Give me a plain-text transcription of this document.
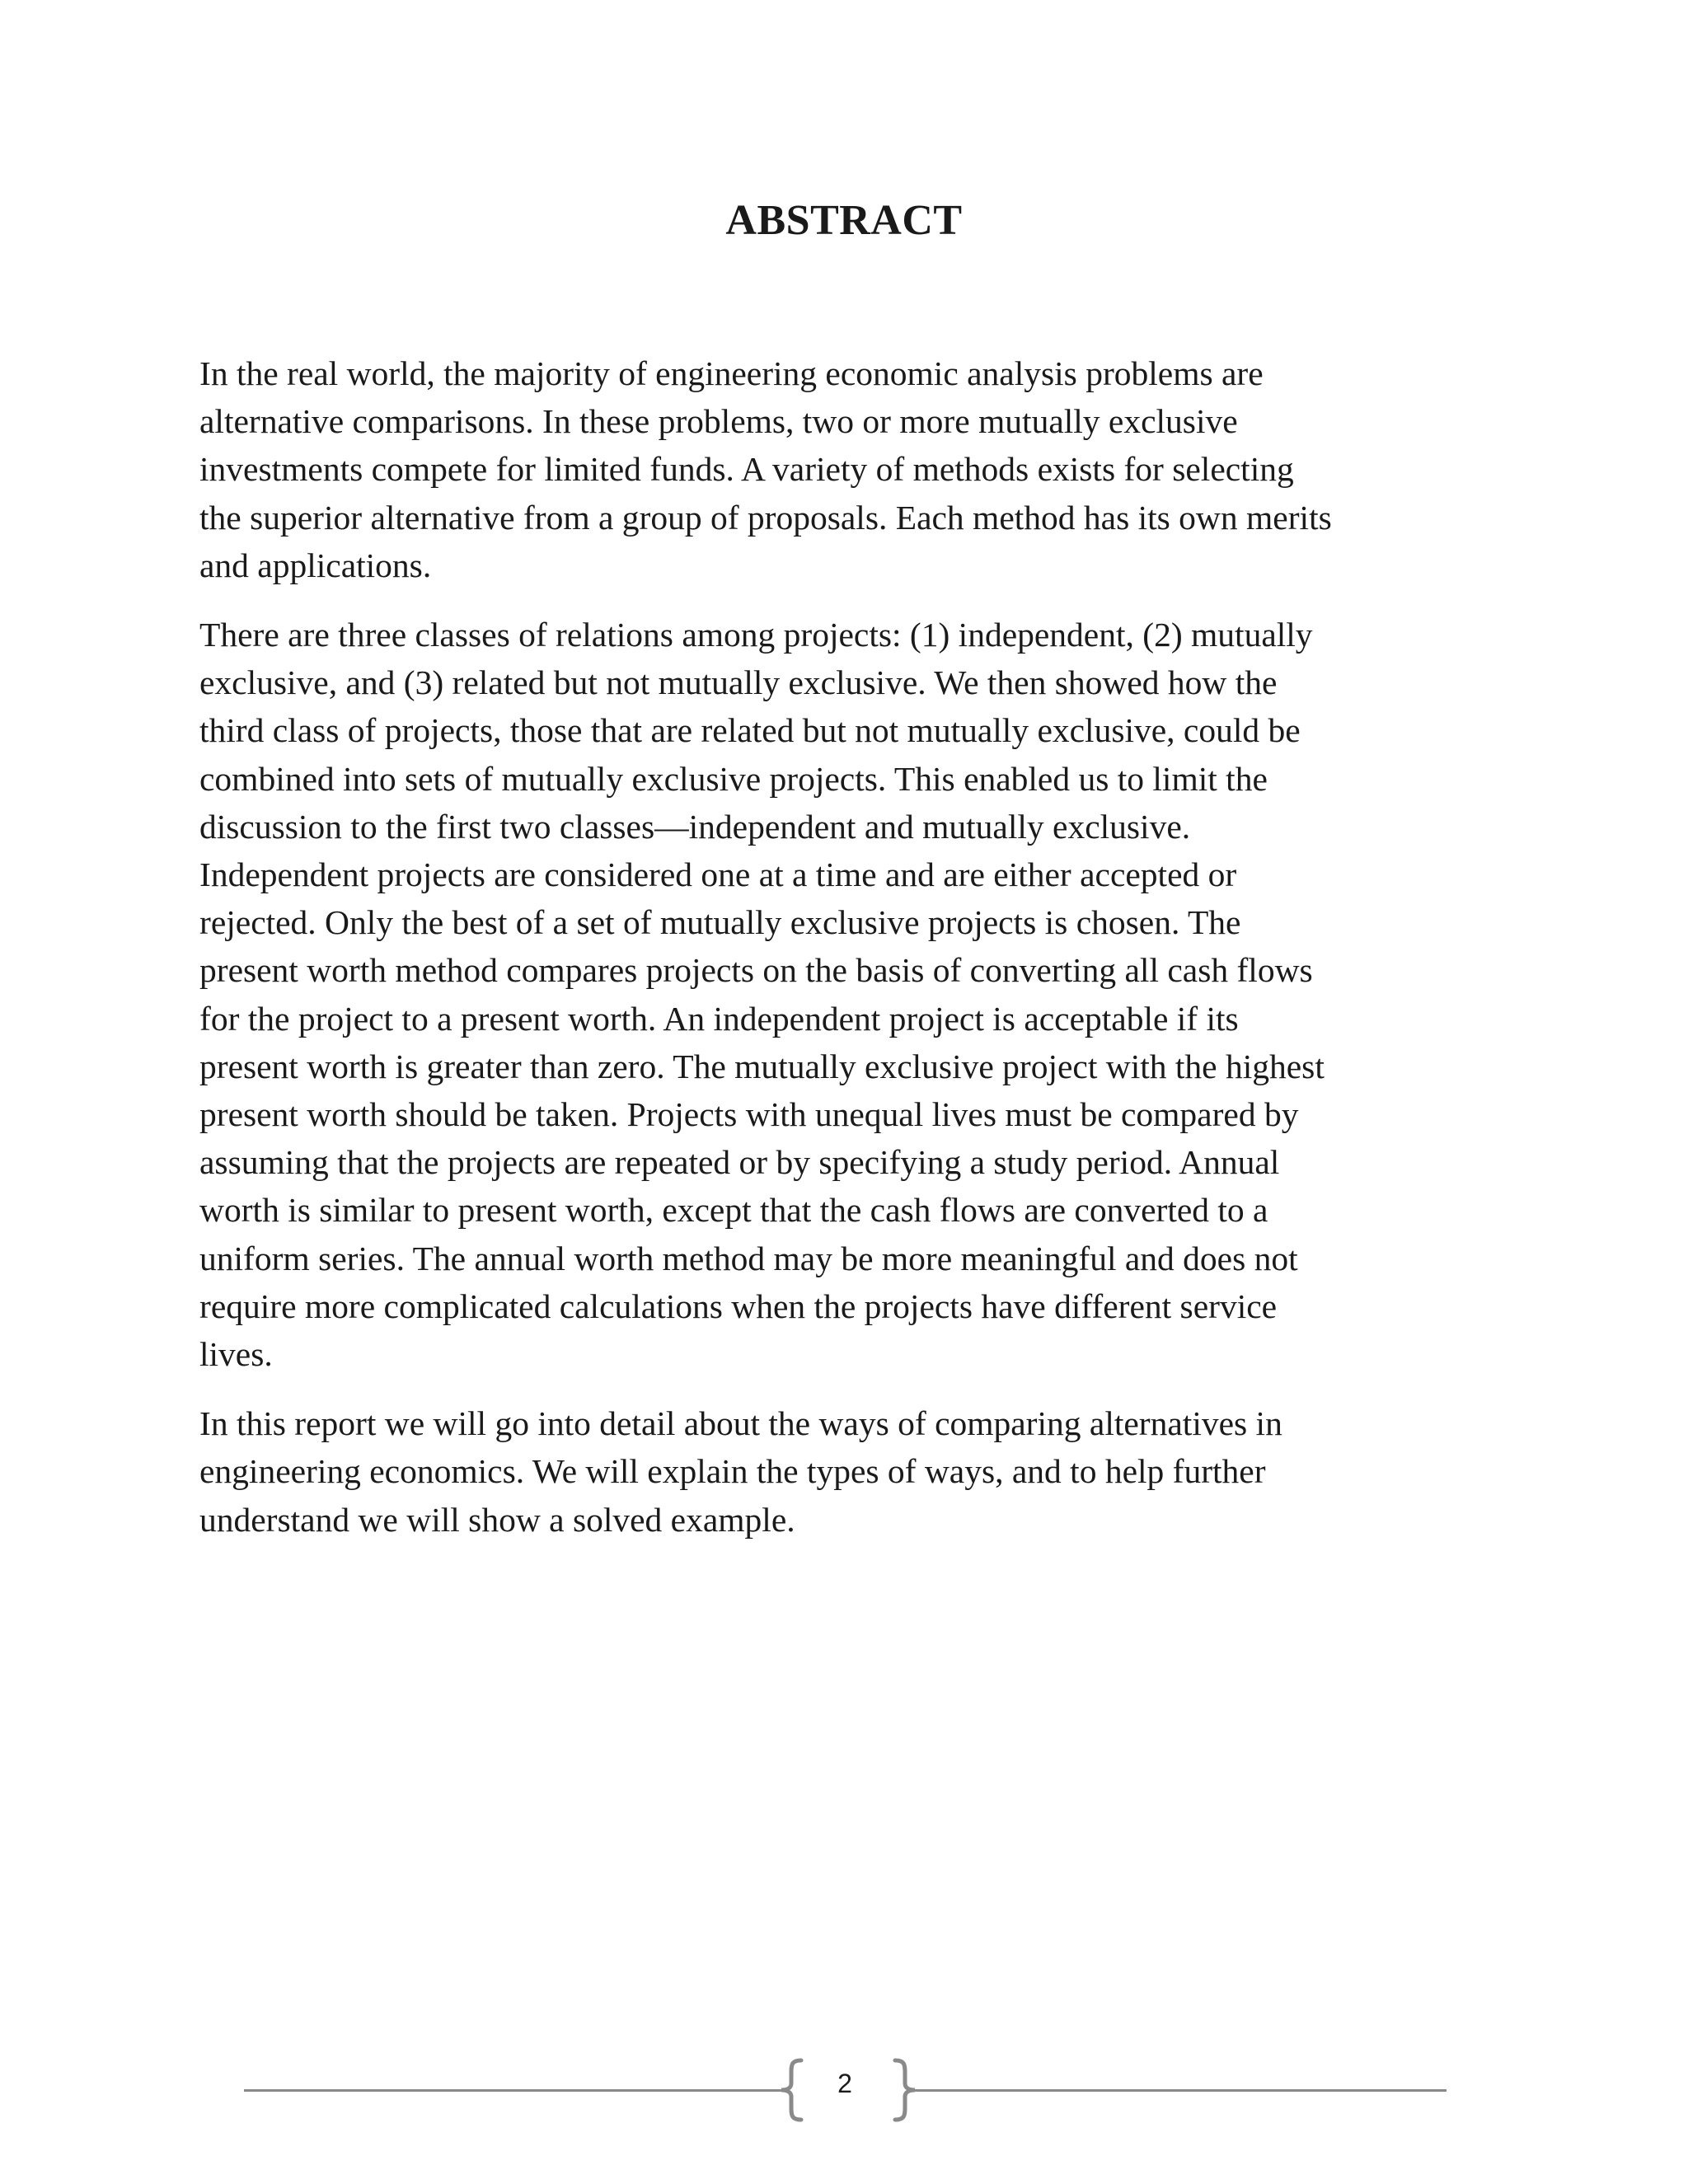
ABSTRACT

In the real world, the majority of engineering economic analysis problems are
alternative comparisons. In these problems, two or more mutually exclusive
investments compete for limited funds. A variety of methods exists for selecting
the superior alternative from a group of proposals. Each method has its own merits
and applications.

There are three classes of relations among projects: (1) independent, (2) mutually
exclusive, and (3) related but not mutually exclusive. We then showed how the
third class of projects, those that are related but not mutually exclusive, could be
combined into sets of mutually exclusive projects. This enabled us to limit the
discussion to the first two classes—independent and mutually exclusive.
Independent projects are considered one at a time and are either accepted or
rejected. Only the best of a set of mutually exclusive projects is chosen. The
present worth method compares projects on the basis of converting all cash flows
for the project to a present worth. An independent project is acceptable if its
present worth is greater than zero. The mutually exclusive project with the highest
present worth should be taken. Projects with unequal lives must be compared by
assuming that the projects are repeated or by specifying a study period. Annual
worth is similar to present worth, except that the cash flows are converted to a
uniform series. The annual worth method may be more meaningful and does not
require more complicated calculations when the projects have different service
lives.

In this report we will go into detail about the ways of comparing alternatives in
engineering economics. We will explain the types of ways, and to help further
understand we will show a solved example.

2
